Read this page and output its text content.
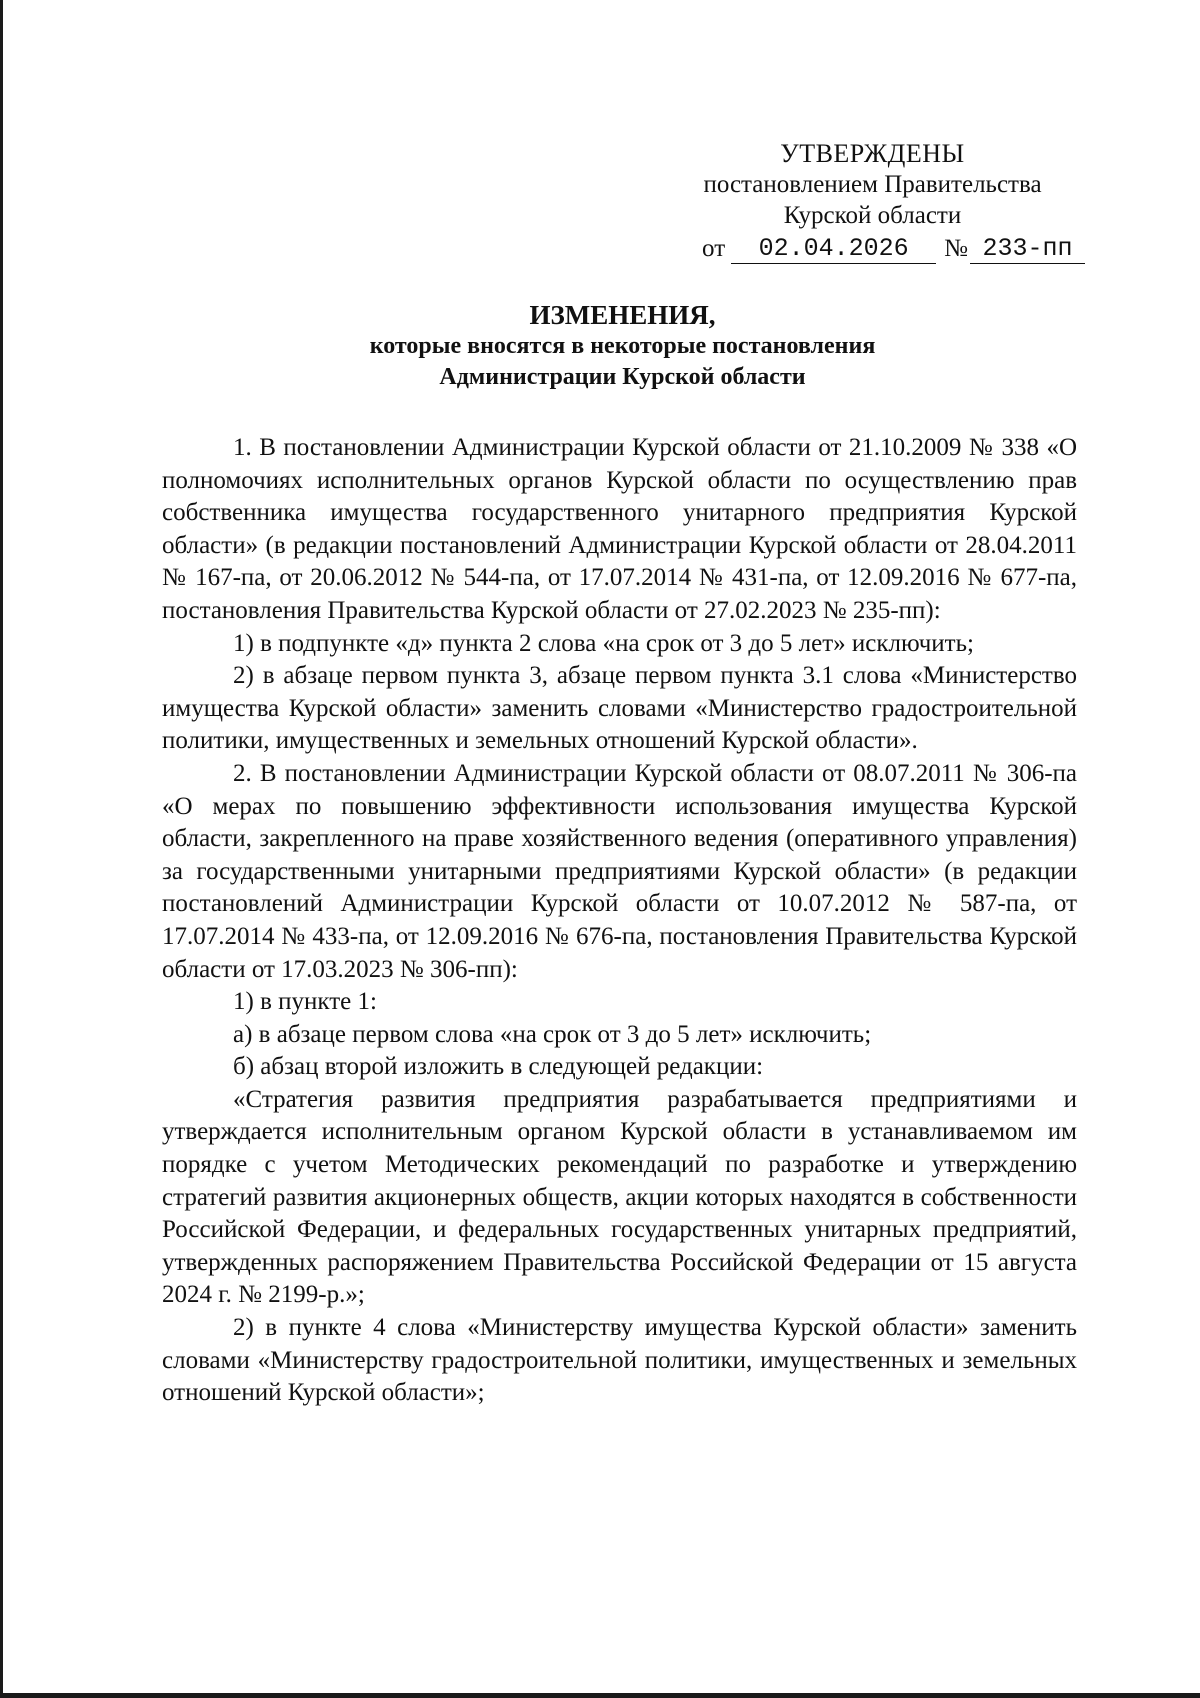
УТВЕРЖДЕНЫ
постановлением Правительства
Курской области
от	02.04.2026	№ 233-пп
ИЗМЕНЕНИЯ,
которые вносятся в некоторые постановления
Администрации Курской области

1. В постановлении Администрации Курской области от 21.10.2009 № 338 «О полномочиях исполнительных органов Курской области по осуществлению прав собственника имущества государственного унитарного предприятия Курской области» (в редакции постановлений Администрации Курской области от 28.04.2011 № 167-па, от 20.06.2012 № 544-па, от 17.07.2014 № 431-па, от 12.09.2016 № 677-па, постановления Правительства Курской области от 27.02.2023 № 235-пп):

1) в подпункте «д» пункта 2 слова «на срок от 3 до 5 лет» исключить;

2) в абзаце первом пункта 3, абзаце первом пункта 3.1 слова «Министерство имущества Курской области» заменить словами «Министерство градостроительной политики, имущественных и земельных отношений Курской области».

2. В постановлении Администрации Курской области от 08.07.2011 № 306-па «О мерах по повышению эффективности использования имущества Курской области, закрепленного на праве хозяйственного ведения (оперативного управления) за государственными унитарными предприятиями Курской области» (в редакции постановлений Администрации Курской области от 10.07.2012 № 587-па, от 17.07.2014 № 433-па, от 12.09.2016 № 676-па, постановления Правительства Курской области от 17.03.2023 № 306-пп):

1) в пункте 1:

а) в абзаце первом слова «на срок от 3 до 5 лет» исключить;

б) абзац второй изложить в следующей редакции:

«Стратегия развития предприятия разрабатывается предприятиями и утверждается исполнительным органом Курской области в устанавливаемом им порядке с учетом Методических рекомендаций по разработке и утверждению стратегий развития акционерных обществ, акции которых находятся в собственности Российской Федерации, и федеральных государственных унитарных предприятий, утвержденных распоряжением Правительства Российской Федерации от 15 августа 2024 г. № 2199-р.»;

2) в пункте 4 слова «Министерству имущества Курской области» заменить словами «Министерству градостроительной политики, имущественных и земельных отношений Курской области»;
